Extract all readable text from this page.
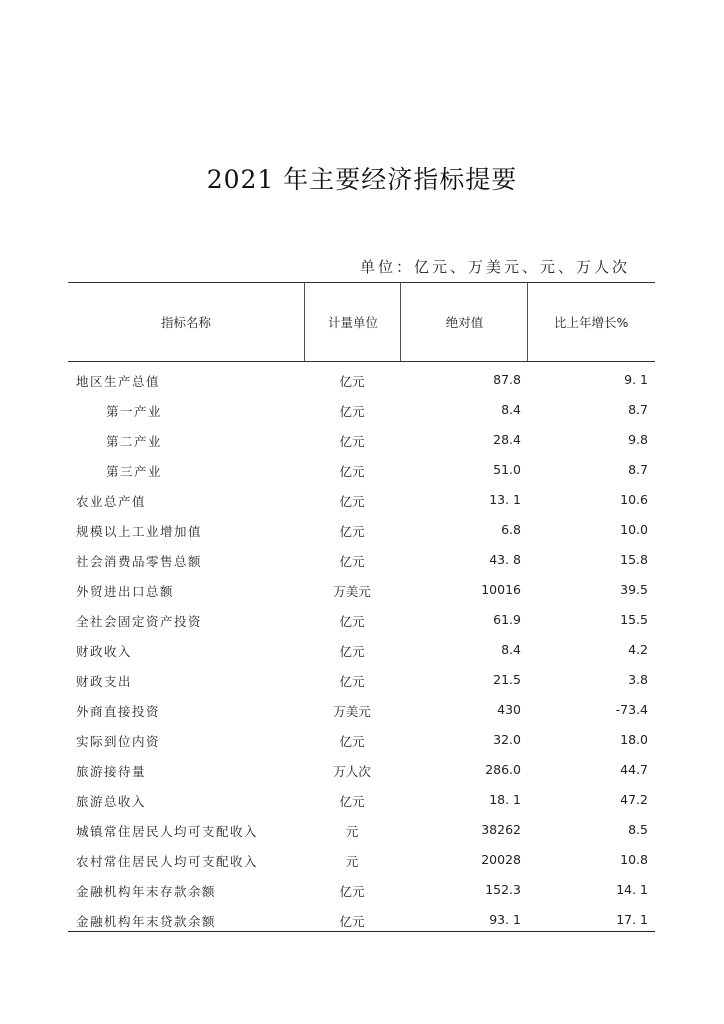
2021 年主要经济指标提要
单位：亿元、万美元、元、万人次
指标名称	计量单位	绝对值	比上年增长%
地区生产总值	亿元	87.8	9. 1
第一产业	亿元	8.4	8.7
第二产业	亿元	28.4	9.8
第三产业	亿元	51.0	8.7
农业总产值	亿元	13. 1	10.6
规模以上工业增加值	亿元	6.8	10.0
社会消费品零售总额	亿元	43. 8	15.8
外贸进出口总额	万美元	10016	39.5
全社会固定资产投资	亿元	61.9	15.5
财政收入	亿元	8.4	4.2
财政支出	亿元	21.5	3.8
外商直接投资	万美元	430	-73.4
实际到位内资	亿元	32.0	18.0
旅游接待量	万人次	286.0	44.7
旅游总收入	亿元	18. 1	47.2
城镇常住居民人均可支配收入	元	38262	8.5
农村常住居民人均可支配收入	元	20028	10.8
金融机构年末存款余额	亿元	152.3	14. 1
金融机构年末贷款余额	亿元	93. 1	17. 1
